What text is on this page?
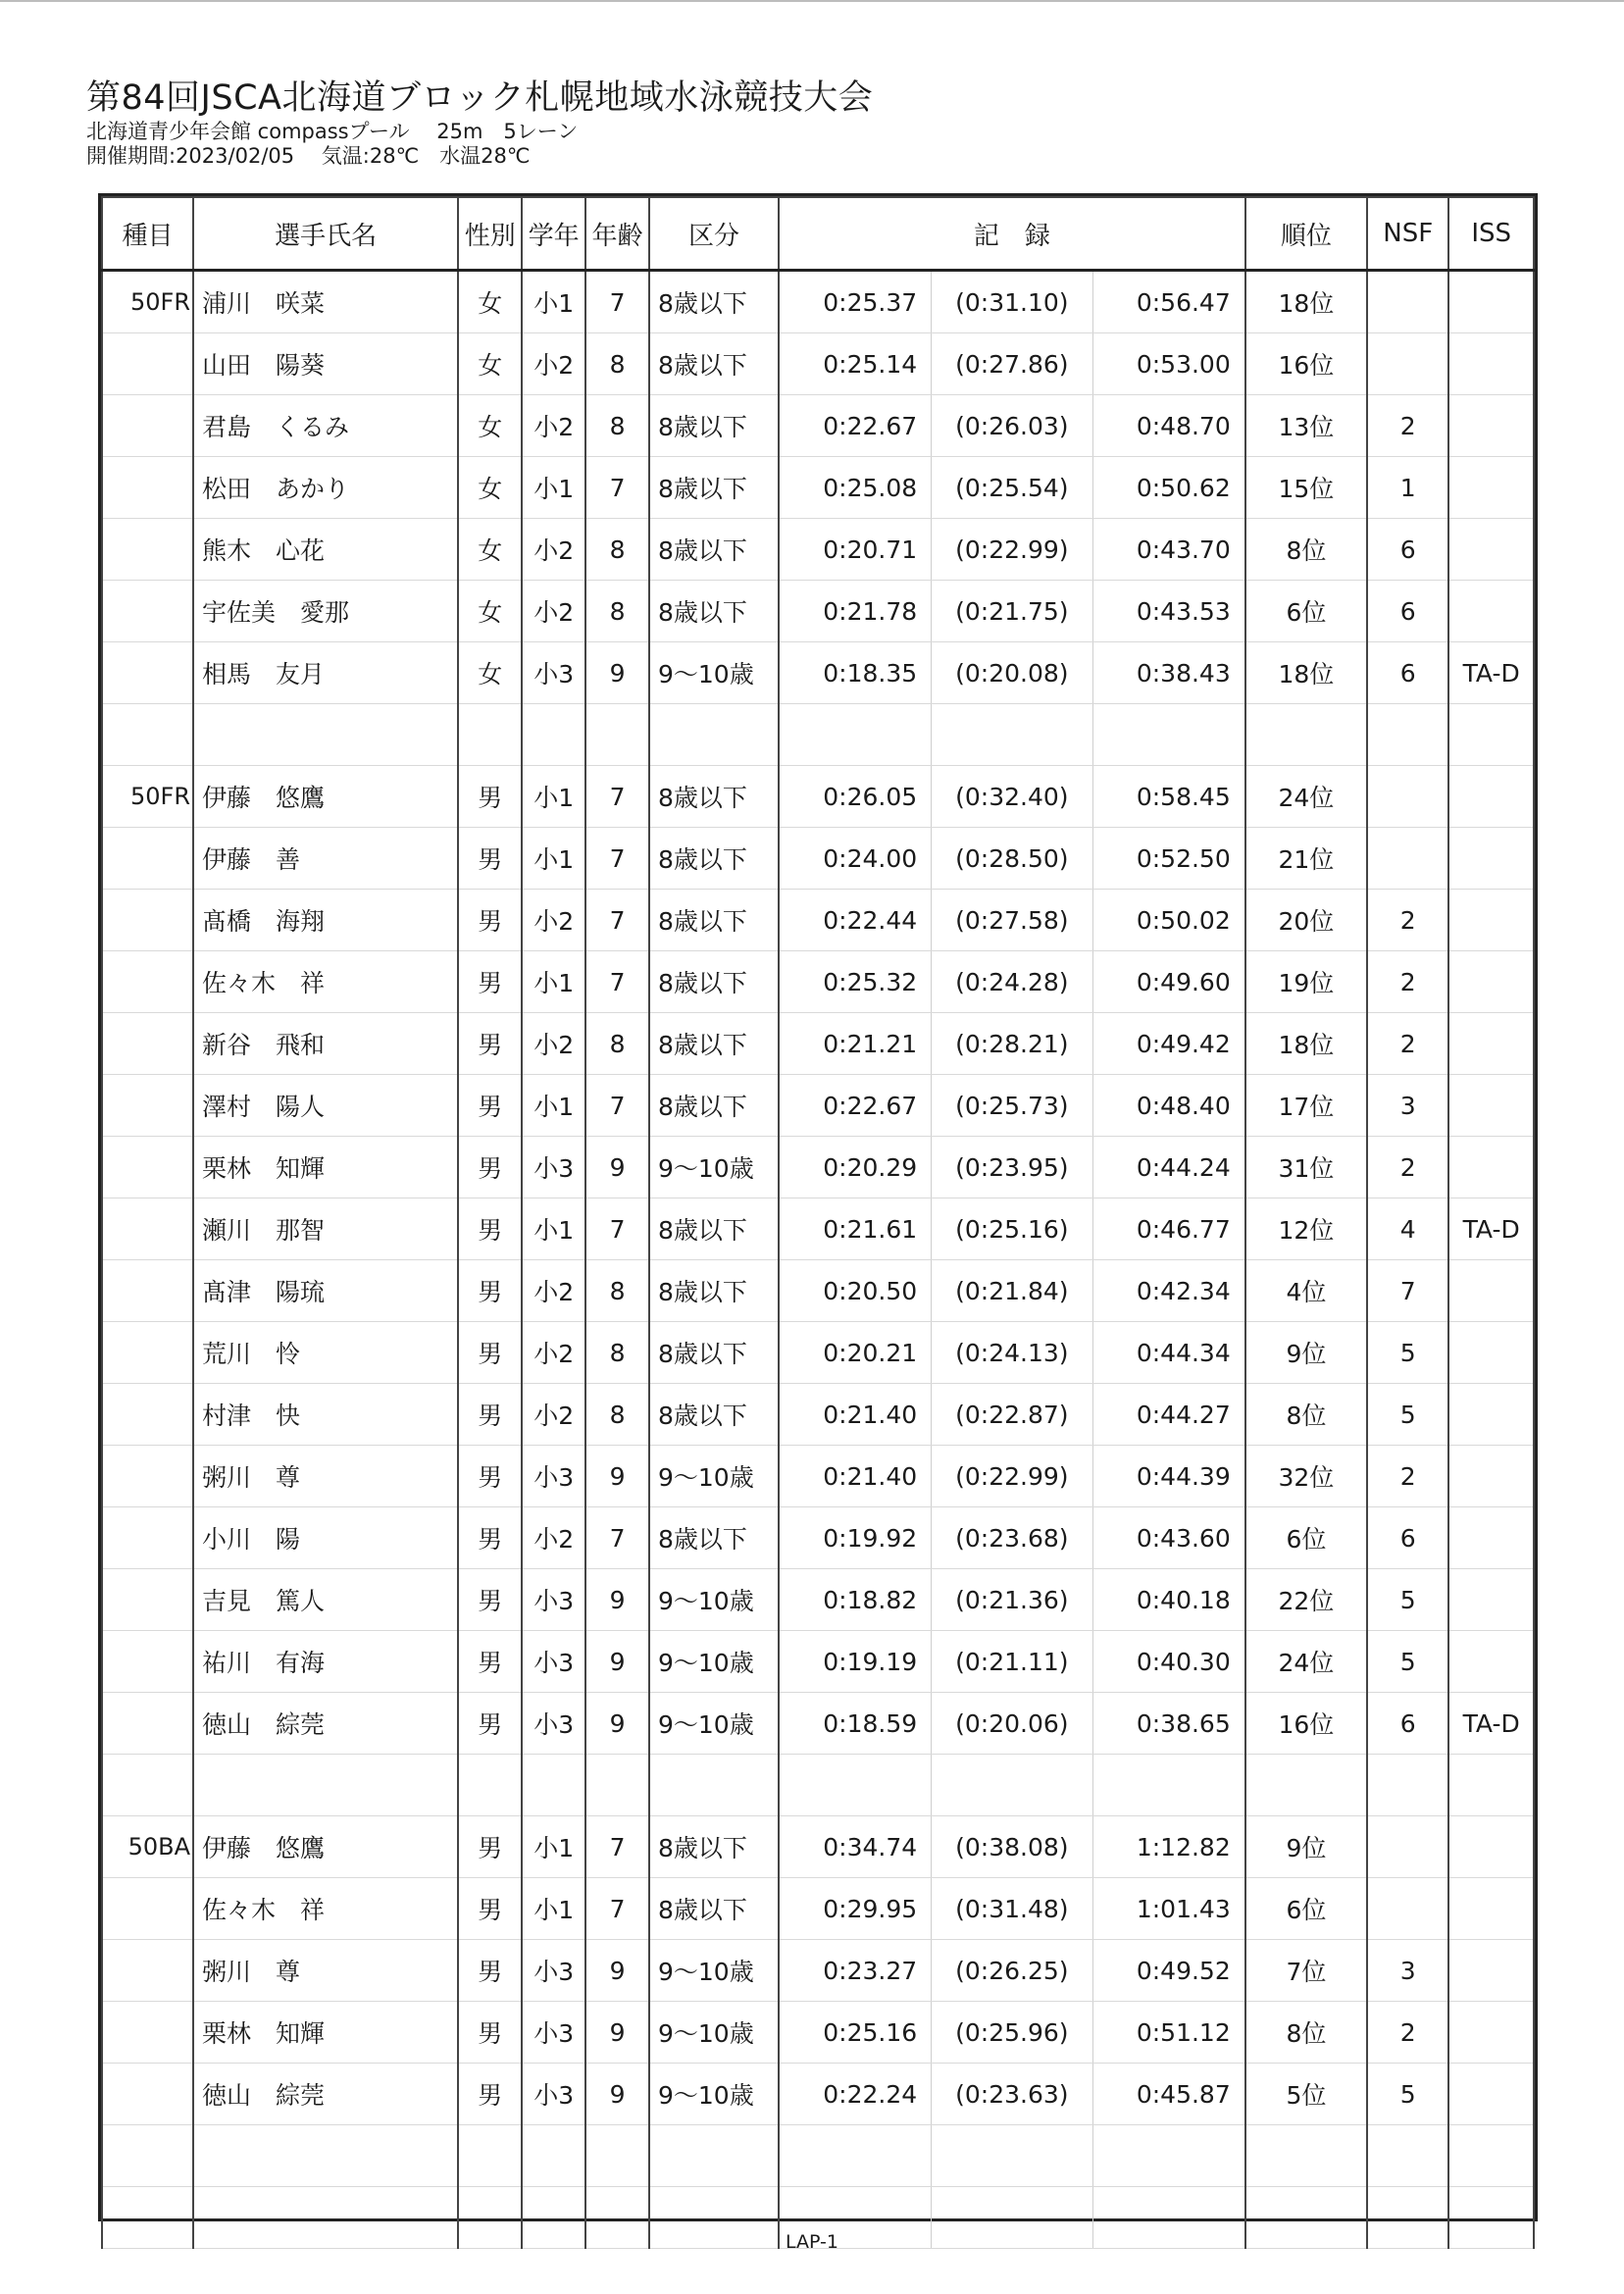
第84回JSCA北海道ブロック札幌地域水泳競技大会
北海道青少年会館 compassプール　 25m　5レーン
開催期間:2023/02/05　 気温:28℃　水温28℃
種目	選手氏名	性別	学年	年齢	区分	記　録			順位	NSF	ISS
50FR	浦川　咲菜	女	小1	7	8歳以下	0:25.37	(0:31.10)	0:56.47	18位		
	山田　陽葵	女	小2	8	8歳以下	0:25.14	(0:27.86)	0:53.00	16位		
	君島　くるみ	女	小2	8	8歳以下	0:22.67	(0:26.03)	0:48.70	13位	2	
	松田　あかり	女	小1	7	8歳以下	0:25.08	(0:25.54)	0:50.62	15位	1	
	熊木　心花	女	小2	8	8歳以下	0:20.71	(0:22.99)	0:43.70	8位	6	
	宇佐美　愛那	女	小2	8	8歳以下	0:21.78	(0:21.75)	0:43.53	6位	6	
	相馬　友月	女	小3	9	9～10歳	0:18.35	(0:20.08)	0:38.43	18位	6	TA-D

50FR	伊藤　悠鷹	男	小1	7	8歳以下	0:26.05	(0:32.40)	0:58.45	24位		
	伊藤　善	男	小1	7	8歳以下	0:24.00	(0:28.50)	0:52.50	21位		
	髙橋　海翔	男	小2	7	8歳以下	0:22.44	(0:27.58)	0:50.02	20位	2	
	佐々木　祥	男	小1	7	8歳以下	0:25.32	(0:24.28)	0:49.60	19位	2	
	新谷　飛和	男	小2	8	8歳以下	0:21.21	(0:28.21)	0:49.42	18位	2	
	澤村　陽人	男	小1	7	8歳以下	0:22.67	(0:25.73)	0:48.40	17位	3	
	栗林　知輝	男	小3	9	9～10歳	0:20.29	(0:23.95)	0:44.24	31位	2	
	瀬川　那智	男	小1	7	8歳以下	0:21.61	(0:25.16)	0:46.77	12位	4	TA-D
	髙津　陽琉	男	小2	8	8歳以下	0:20.50	(0:21.84)	0:42.34	4位	7	
	荒川　怜	男	小2	8	8歳以下	0:20.21	(0:24.13)	0:44.34	9位	5	
	村津　快	男	小2	8	8歳以下	0:21.40	(0:22.87)	0:44.27	8位	5	
	粥川　尊	男	小3	9	9～10歳	0:21.40	(0:22.99)	0:44.39	32位	2	
	小川　陽	男	小2	7	8歳以下	0:19.92	(0:23.68)	0:43.60	6位	6	
	吉見　篤人	男	小3	9	9～10歳	0:18.82	(0:21.36)	0:40.18	22位	5	
	祐川　有海	男	小3	9	9～10歳	0:19.19	(0:21.11)	0:40.30	24位	5	
	徳山　綜莞	男	小3	9	9～10歳	0:18.59	(0:20.06)	0:38.65	16位	6	TA-D

50BA	伊藤　悠鷹	男	小1	7	8歳以下	0:34.74	(0:38.08)	1:12.82	9位		
	佐々木　祥	男	小1	7	8歳以下	0:29.95	(0:31.48)	1:01.43	6位		
	粥川　尊	男	小3	9	9～10歳	0:23.27	(0:26.25)	0:49.52	7位	3	
	栗林　知輝	男	小3	9	9～10歳	0:25.16	(0:25.96)	0:51.12	8位	2	
	徳山　綜莞	男	小3	9	9～10歳	0:22.24	(0:23.63)	0:45.87	5位	5	

LAP-1
